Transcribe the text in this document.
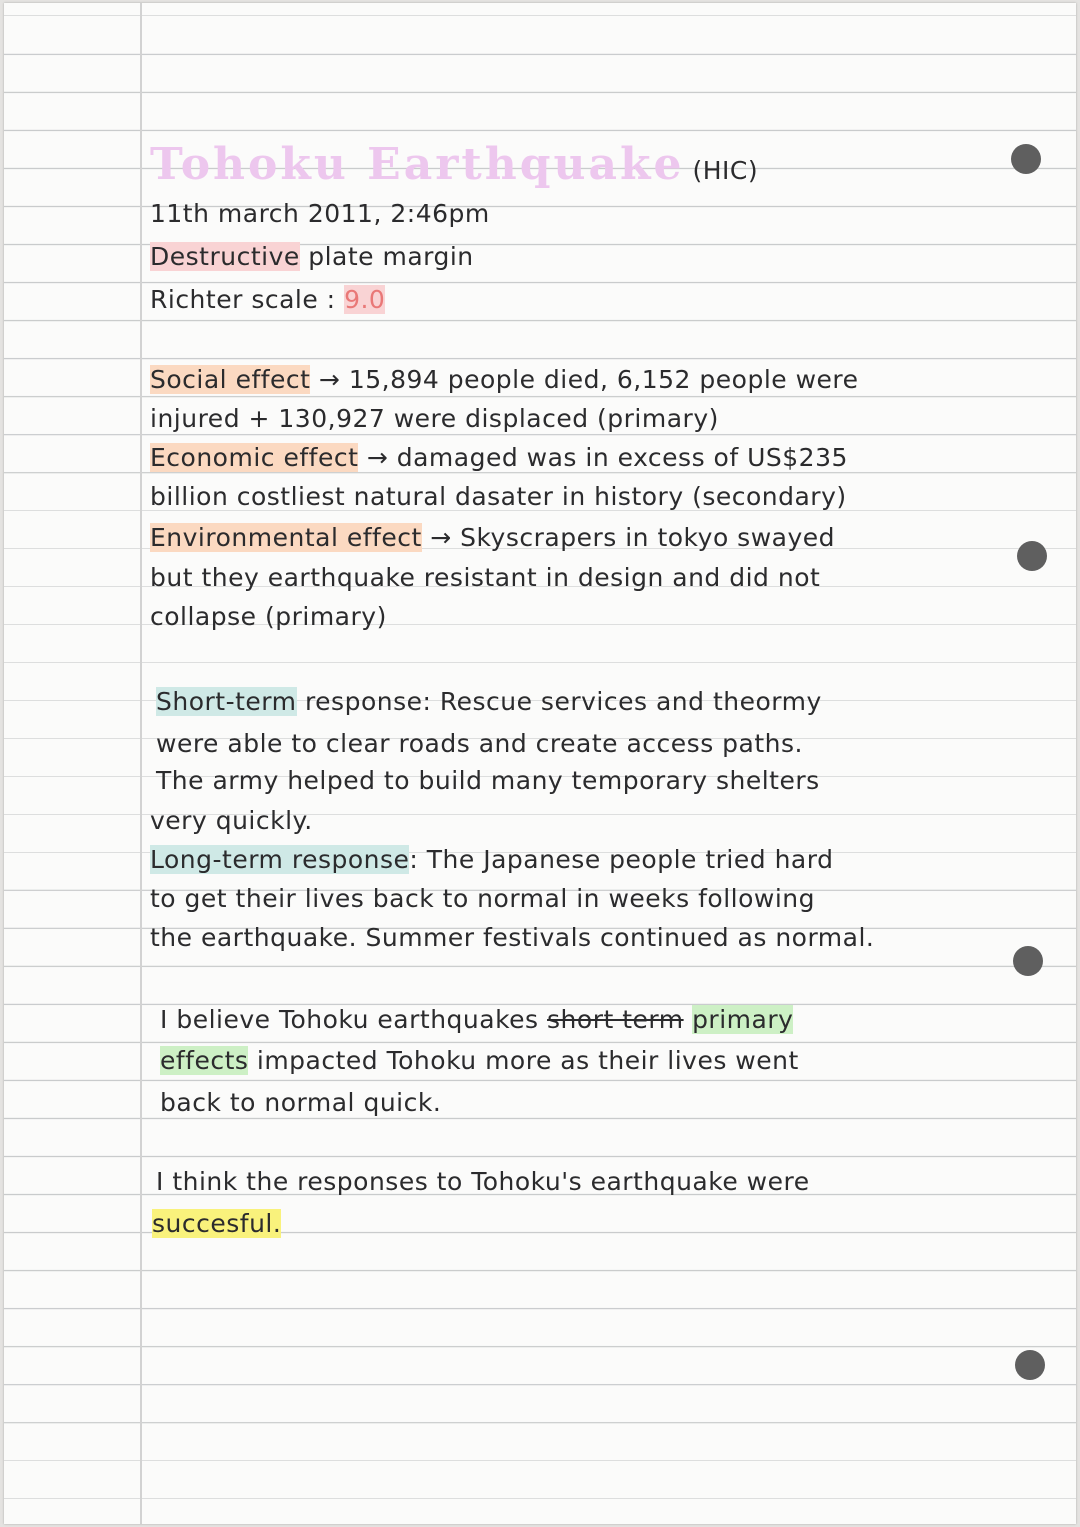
Tohoku Earthquake (HIC)

11th march 2011, 2:46pm

Destructive plate margin

Richter scale : 9.0

Social effect → 15,894 people died, 6,152 people were

injured + 130,927 were displaced (primary)

Economic effect → damaged was in excess of US$235

billion costliest natural dasater in history (secondary)

Environmental effect → Skyscrapers in tokyo swayed

but they earthquake resistant in design and did not

collapse (primary)

Short-term response: Rescue services and theormy

were able to clear roads and create access paths.

The army helped to build many temporary shelters

very quickly.

Long-term response: The Japanese people tried hard

to get their lives back to normal in weeks following

the earthquake. Summer festivals continued as normal.

I believe Tohoku earthquakes short term primary

effects impacted Tohoku more as their lives went

back to normal quick.

I think the responses to Tohoku's earthquake were

succesful.
